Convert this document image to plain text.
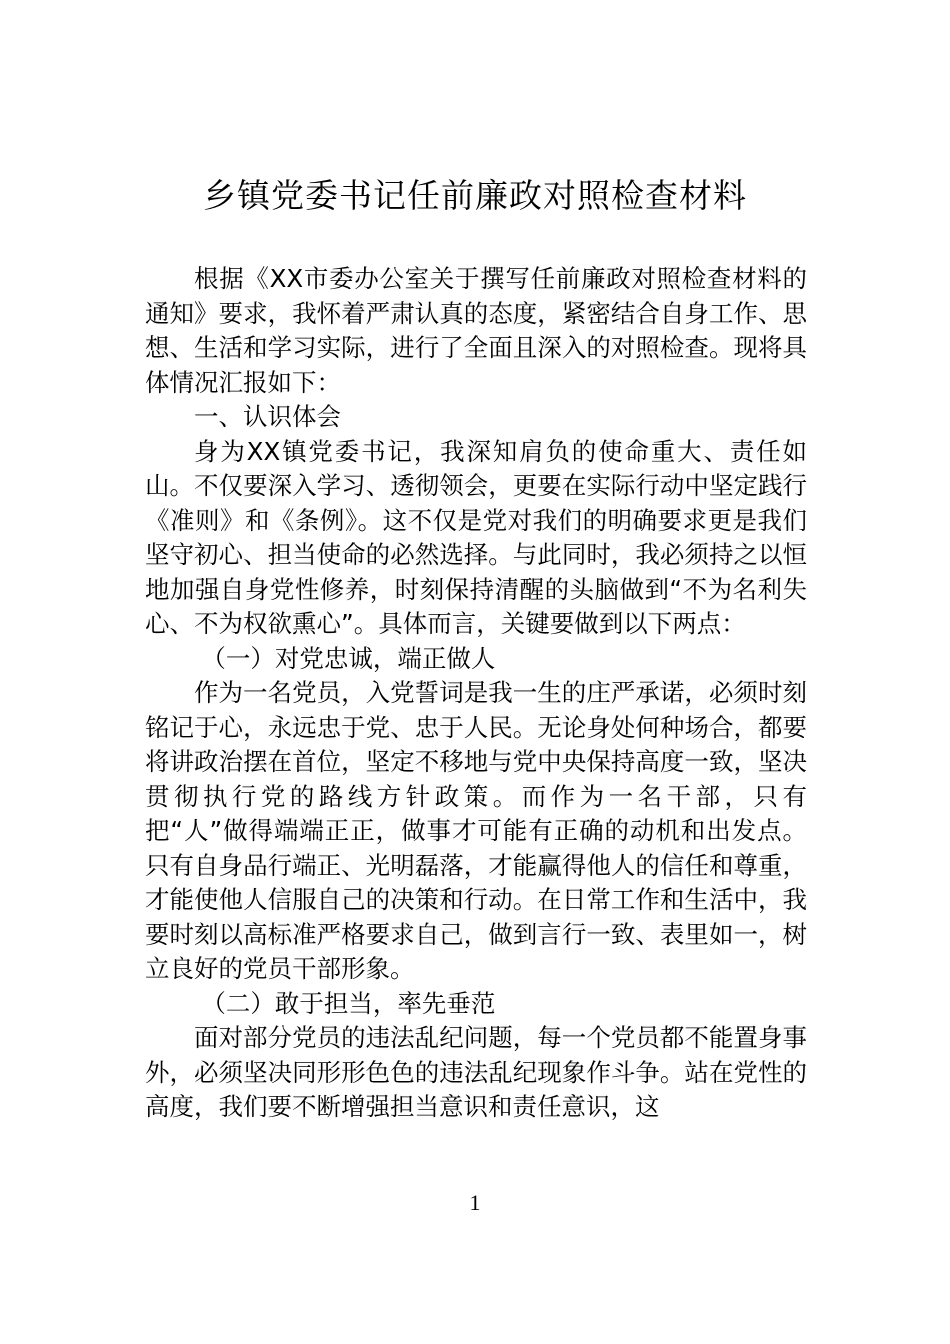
乡镇党委书记任前廉政对照检查材料

根据《XX市委办公室关于撰写任前廉政对照检查材料的通知》要求，我怀着严肃认真的态度，紧密结合自身工作、思想、生活和学习实际，进行了全面且深入的对照检查。现将具体情况汇报如下：

一、认识体会

身为XX镇党委书记，我深知肩负的使命重大、责任如山。不仅要深入学习、透彻领会，更要在实际行动中坚定践行《准则》和《条例》。这不仅是党对我们的明确要求更是我们坚守初心、担当使命的必然选择。与此同时，我必须持之以恒地加强自身党性修养，时刻保持清醒的头脑做到“不为名利失心、不为权欲熏心”。具体而言，关键要做到以下两点：

（一）对党忠诚，端正做人

作为一名党员，入党誓词是我一生的庄严承诺，必须时刻铭记于心，永远忠于党、忠于人民。无论身处何种场合，都要将讲政治摆在首位，坚定不移地与党中央保持高度一致，坚决贯彻执行党的路线方针政策。而作为一名干部，只有把“人”做得端端正正，做事才可能有正确的动机和出发点。只有自身品行端正、光明磊落，才能赢得他人的信任和尊重，才能使他人信服自己的决策和行动。在日常工作和生活中，我要时刻以高标准严格要求自己，做到言行一致、表里如一，树立良好的党员干部形象。

（二）敢于担当，率先垂范

面对部分党员的违法乱纪问题，每一个党员都不能置身事外，必须坚决同形形色色的违法乱纪现象作斗争。站在党性的高度，我们要不断增强担当意识和责任意识，这

1
